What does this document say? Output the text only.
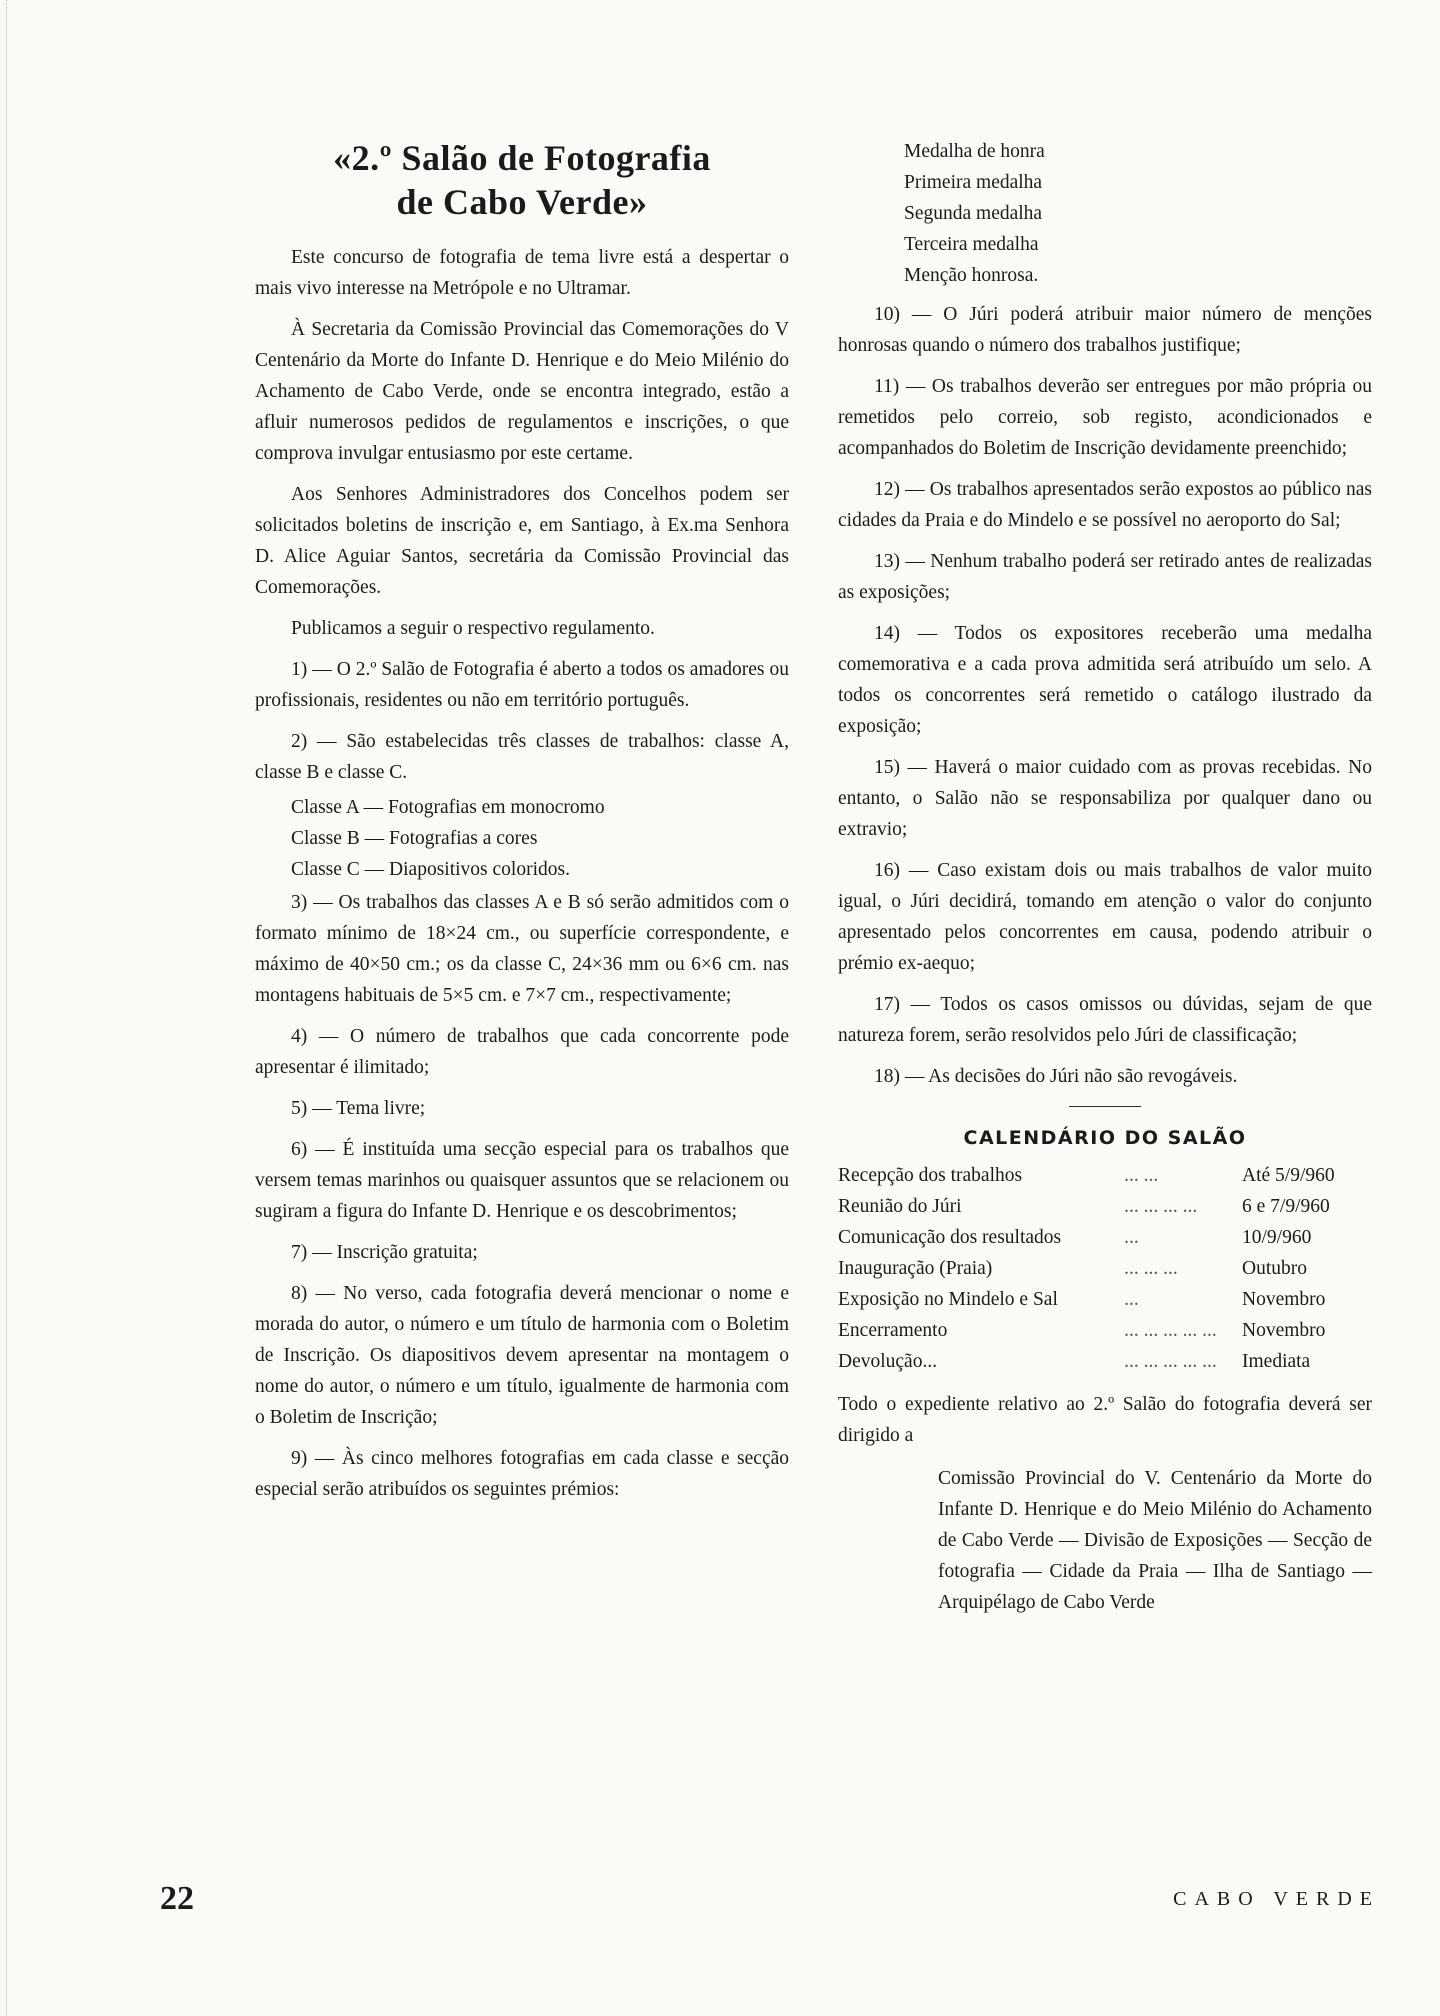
«2.º Salão de Fotografia
de Cabo Verde»

Este concurso de fotografia de tema livre está a despertar o mais vivo interesse na Metrópole e no Ultramar.

À Secretaria da Comissão Provincial das Comemorações do V Centenário da Morte do Infante D. Henrique e do Meio Milénio do Achamento de Cabo Verde, onde se encontra integrado, estão a afluir numerosos pedidos de regulamentos e inscrições, o que comprova invulgar entusiasmo por este certame.

Aos Senhores Administradores dos Concelhos podem ser solicitados boletins de inscrição e, em Santiago, à Ex.ma Senhora D. Alice Aguiar Santos, secretária da Comissão Provincial das Comemorações.

Publicamos a seguir o respectivo regulamento.

1) — O 2.º Salão de Fotografia é aberto a todos os amadores ou profissionais, residentes ou não em território português.

2) — São estabelecidas três classes de trabalhos: classe A, classe B e classe C.

Classe A — Fotografias em monocromo
Classe B — Fotografias a cores
Classe C — Diapositivos coloridos.

3) — Os trabalhos das classes A e B só serão admitidos com o formato mínimo de 18×24 cm., ou superfície correspondente, e máximo de 40×50 cm.; os da classe C, 24×36 mm ou 6×6 cm. nas montagens habituais de 5×5 cm. e 7×7 cm., respectivamente;

4) — O número de trabalhos que cada concorrente pode apresentar é ilimitado;

5) — Tema livre;

6) — É instituída uma secção especial para os trabalhos que versem temas marinhos ou quaisquer assuntos que se relacionem ou sugiram a figura do Infante D. Henrique e os descobrimentos;

7) — Inscrição gratuita;

8) — No verso, cada fotografia deverá mencionar o nome e morada do autor, o número e um título de harmonia com o Boletim de Inscrição. Os diapositivos devem apresentar na montagem o nome do autor, o número e um título, igualmente de harmonia com o Boletim de Inscrição;

9) — Às cinco melhores fotografias em cada classe e secção especial serão atribuídos os seguintes prémios:

Medalha de honra
Primeira medalha
Segunda medalha
Terceira medalha
Menção honrosa.

10) — O Júri poderá atribuir maior número de menções honrosas quando o número dos trabalhos justifique;

11) — Os trabalhos deverão ser entregues por mão própria ou remetidos pelo correio, sob registo, acondicionados e acompanhados do Boletim de Inscrição devidamente preenchido;

12) — Os trabalhos apresentados serão expostos ao público nas cidades da Praia e do Mindelo e se possível no aeroporto do Sal;

13) — Nenhum trabalho poderá ser retirado antes de realizadas as exposições;

14) — Todos os expositores receberão uma medalha comemorativa e a cada prova admitida será atribuído um selo. A todos os concorrentes será remetido o catálogo ilustrado da exposição;

15) — Haverá o maior cuidado com as provas recebidas. No entanto, o Salão não se responsabiliza por qualquer dano ou extravio;

16) — Caso existam dois ou mais trabalhos de valor muito igual, o Júri decidirá, tomando em atenção o valor do conjunto apresentado pelos concorrentes em causa, podendo atribuir o prémio ex-aequo;

17) — Todos os casos omissos ou dúvidas, sejam de que natureza forem, serão resolvidos pelo Júri de classificação;

18) — As decisões do Júri não são revogáveis.

CALENDÁRIO DO SALÃO
Recepção dos trabalhos	... ...	Até 5/9/960
Reunião do Júri	... ... ... ...	6 e 7/9/960
Comunicação dos resultados	...	10/9/960
Inauguração (Praia)	... ... ...	Outubro
Exposição no Mindelo e Sal	...	Novembro
Encerramento	... ... ... ... ...	Novembro
Devolução...	... ... ... ... ...	Imediata

Todo o expediente relativo ao 2.º Salão do fotografia deverá ser dirigido a

Comissão Provincial do V. Centenário da Morte do Infante D. Henrique e do Meio Milénio do Achamento de Cabo Verde — Divisão de Exposições — Secção de fotografia — Cidade da Praia — Ilha de Santiago — Arquipélago de Cabo Verde
22	CABO VERDE
